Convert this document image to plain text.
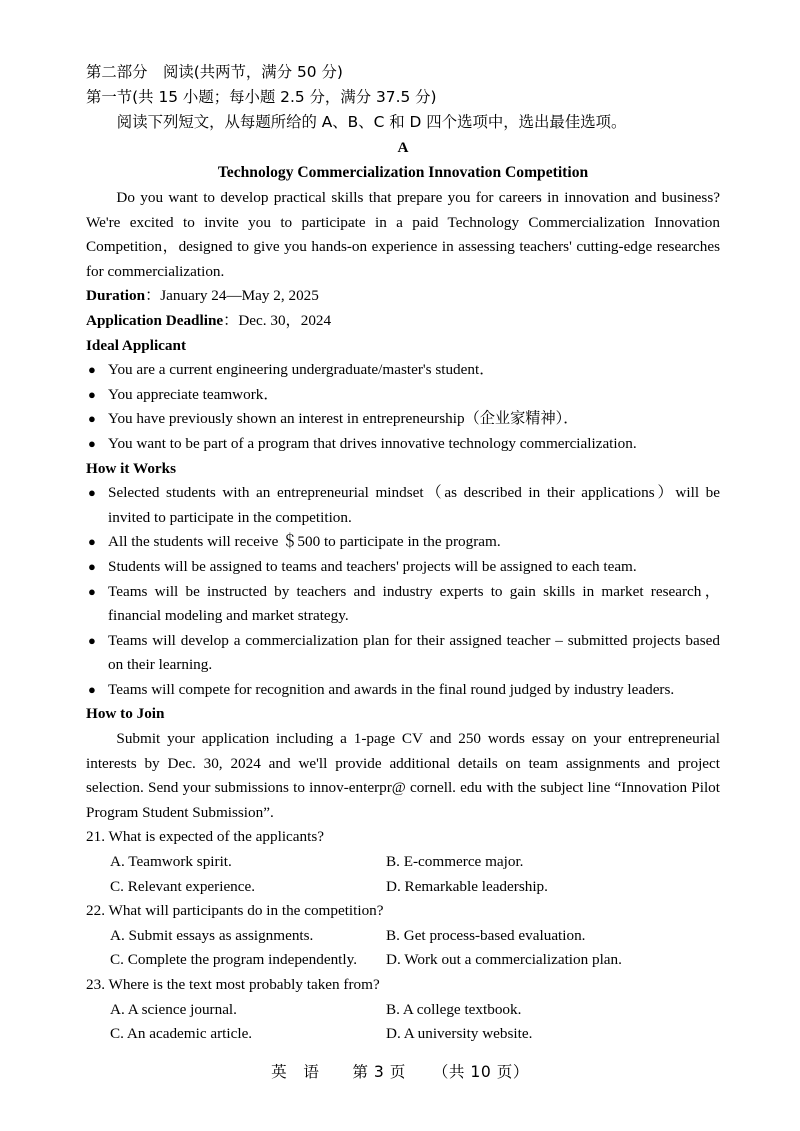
第二部分　阅读(共两节，满分 50 分)
第一节(共 15 小题；每小题 2.5 分，满分 37.5 分)
阅读下列短文，从每题所给的 A、B、C 和 D 四个选项中，选出最佳选项。
A
Technology Commercialization Innovation Competition

Do you want to develop practical skills that prepare you for careers in innovation and business? We're excited to invite you to participate in a paid Technology Commercialization Innovation Competition，designed to give you hands-on experience in assessing teachers' cutting-edge researches for commercialization.

Duration：January 24—May 2, 2025

Application Deadline：Dec. 30，2024

Ideal Applicant

● You are a current engineering undergraduate/master's student．
● You appreciate teamwork．
● You have previously shown an interest in entrepreneurship（企业家精神）．
● You want to be part of a program that drives innovative technology commercialization.

How it Works

● Selected students with an entrepreneurial mindset（as described in their applications）will be invited to participate in the competition.
● All the students will receive ＄500 to participate in the program.
● Students will be assigned to teams and teachers' projects will be assigned to each team.
● Teams will be instructed by teachers and industry experts to gain skills in market research，financial modeling and market strategy.
● Teams will develop a commercialization plan for their assigned teacher – submitted projects based on their learning.
● Teams will compete for recognition and awards in the final round judged by industry leaders.

How to Join

Submit your application including a 1-page CV and 250 words essay on your entrepreneurial interests by Dec. 30, 2024 and we'll provide additional details on team assignments and project selection. Send your submissions to innov-enterpr@ cornell. edu with the subject line “Innovation Pilot Program Student Submission”.

21. What is expected of the applicants?

A. Teamwork spirit.	B. E-commerce major.
C. Relevant experience.	D. Remarkable leadership.

22. What will participants do in the competition?

A. Submit essays as assignments.	B. Get process-based evaluation.
C. Complete the program independently.	D. Work out a commercialization plan.

23. Where is the text most probably taken from?

A. A science journal.	B. A college textbook.
C. An academic article.	D. A university website.
英　语 第 3 页 （共 10 页）
